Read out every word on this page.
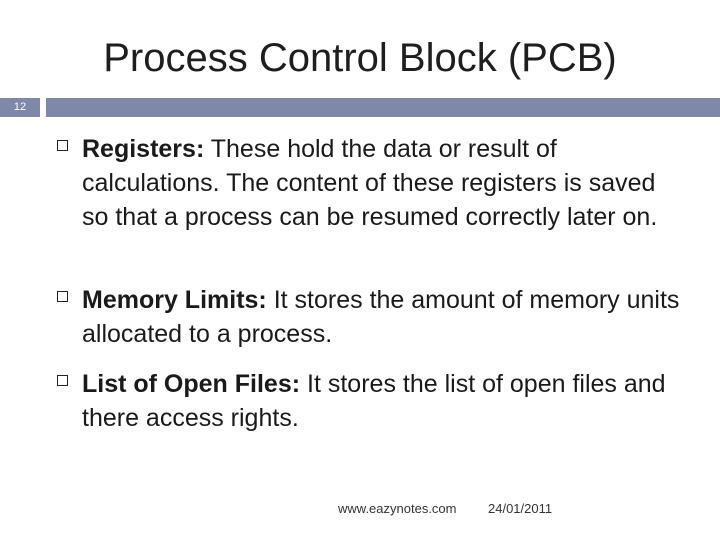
Process Control Block (PCB)
12
Registers: These hold the data or result of calculations. The content of these registers is saved so that a process can be resumed correctly later on.
Memory Limits: It stores the amount of memory units allocated to a process.
List of Open Files: It stores the list of open files and there access rights.
www.eazynotes.com 24/01/2011
